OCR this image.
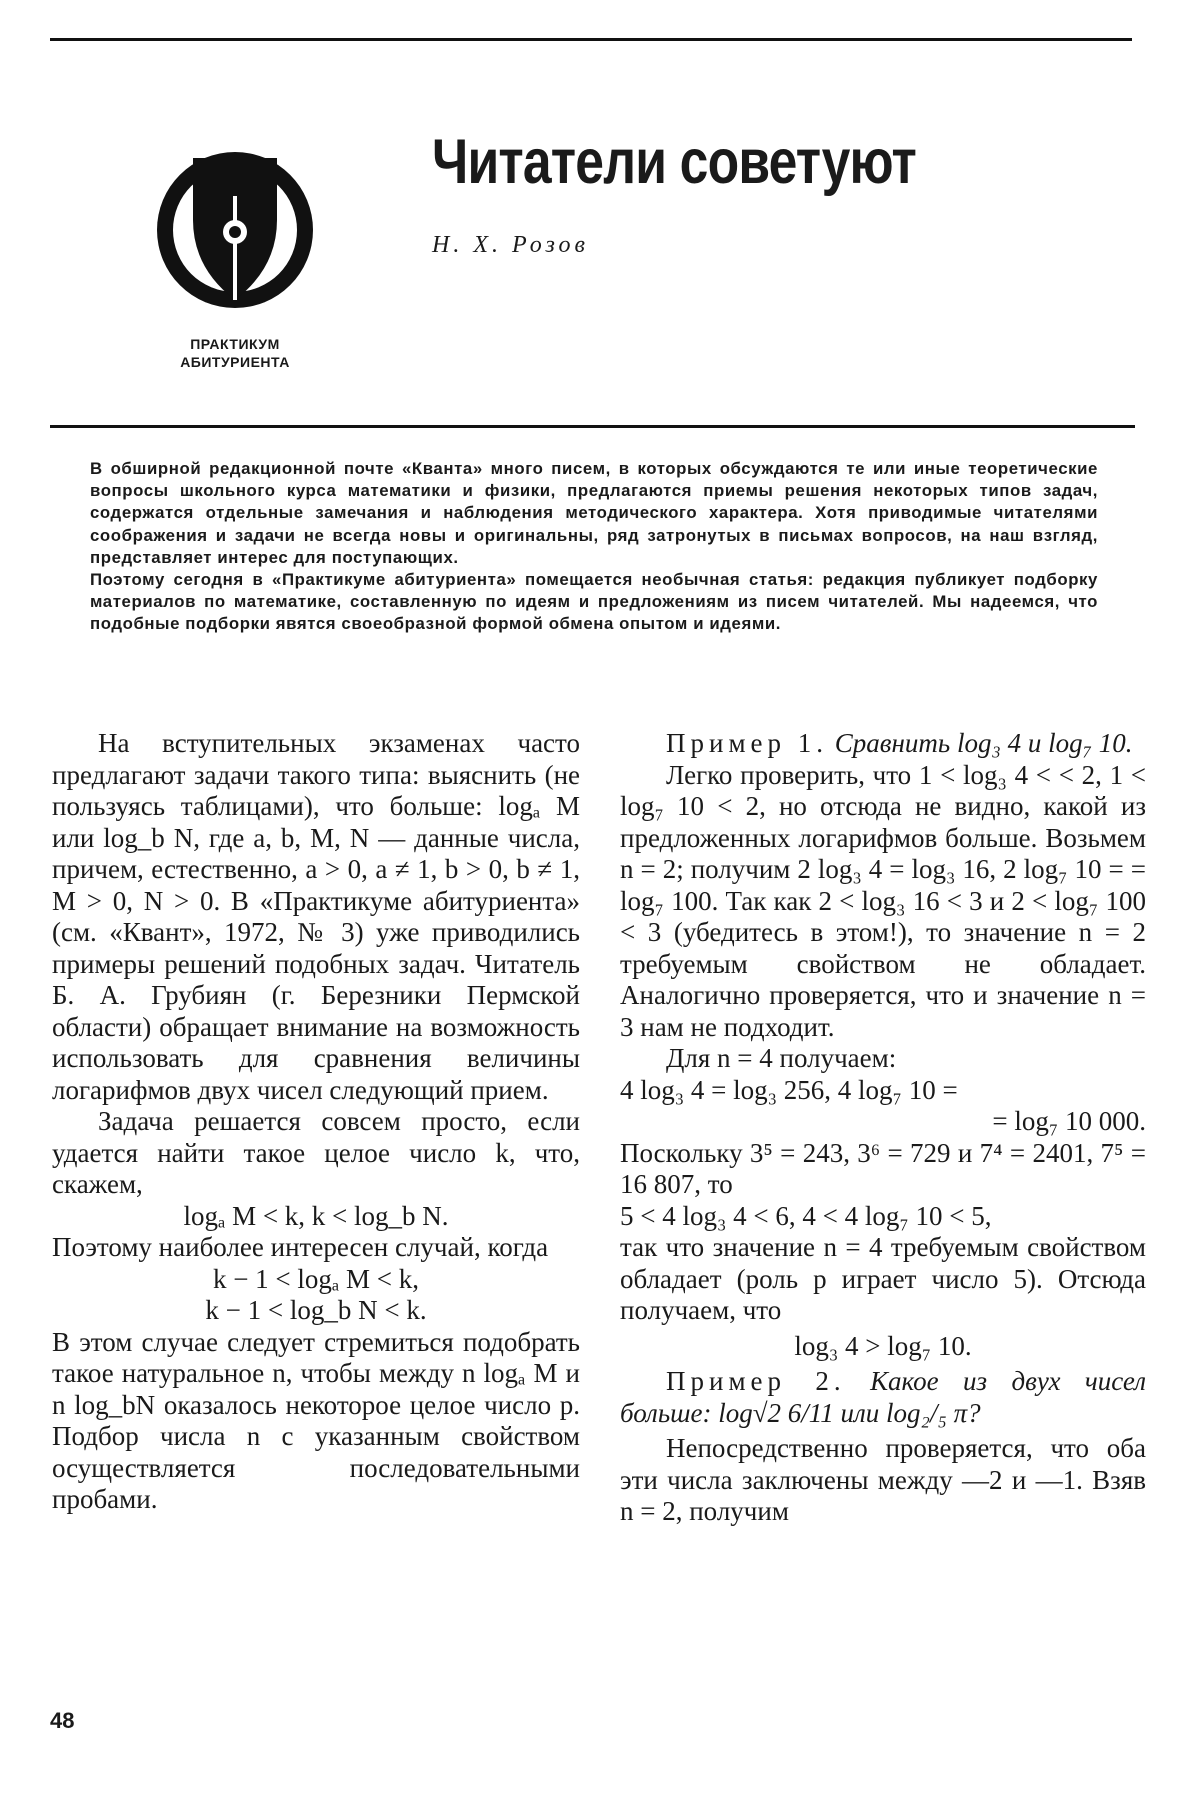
ПРАКТИКУМ
АБИТУРИЕНТА
Читатели советуют
Н. Х. Розов

В обширной редакционной почте «Кванта» много писем, в которых обсуждаются те или иные теоретические вопросы школьного курса математики и физики, предлагаются приемы решения некоторых типов задач, содержатся отдельные замечания и наблюдения методического характера. Хотя приводимые читателями соображения и задачи не всегда новы и оригинальны, ряд затронутых в письмах вопросов, на наш взгляд, представляет интерес для поступающих.

Поэтому сегодня в «Практикуме абитуриента» помещается необычная статья: редакция публикует подборку материалов по математике, составленную по идеям и предложениям из писем читателей. Мы надеемся, что подобные подборки явятся своеобразной формой обмена опытом и идеями.

На вступительных экзаменах часто предлагают задачи такого типа: выяснить (не пользуясь таблицами), что больше: logₐ M или log_b N, где a, b, M, N — данные числа, причем, естественно, a > 0, a ≠ 1, b > 0, b ≠ 1, M > 0, N > 0. В «Практикуме абитуриента» (см. «Квант», 1972, № 3) уже приводились примеры решений подобных задач. Читатель Б. А. Грубиян (г. Березники Пермской области) обращает внимание на возможность использовать для сравнения величины логарифмов двух чисел следующий прием.

Задача решается совсем просто, если удается найти такое целое число k, что, скажем,

logₐ M < k, k < log_b N.

Поэтому наиболее интересен случай, когда

k − 1 < logₐ M < k,

k − 1 < log_b N < k.

В этом случае следует стремиться подобрать такое натуральное n, чтобы между n logₐ M и n log_bN оказалось некоторое целое число p. Подбор числа n с указанным свойством осуществляется последовательными пробами.

Пример 1. Сравнить log₃ 4 и log₇ 10.

Легко проверить, что 1 < log₃ 4 < < 2, 1 < log₇ 10 < 2, но отсюда не видно, какой из предложенных логарифмов больше. Возьмем n = 2; получим 2 log₃ 4 = log₃ 16, 2 log₇ 10 = = log₇ 100. Так как 2 < log₃ 16 < 3 и 2 < log₇ 100 < 3 (убедитесь в этом!), то значение n = 2 требуемым свойством не обладает. Аналогично проверяется, что и значение n = 3 нам не подходит.

Для n = 4 получаем:

4 log₃ 4 = log₃ 256, 4 log₇ 10 =

= log₇ 10 000.

Поскольку 3⁵ = 243, 3⁶ = 729 и 7⁴ = 2401, 7⁵ = 16 807, то

5 < 4 log₃ 4 < 6, 4 < 4 log₇ 10 < 5,

так что значение n = 4 требуемым свойством обладает (роль p играет число 5). Отсюда получаем, что

log₃ 4 > log₇ 10.

Пример 2. Какое из двух чисел больше: log√2 6/11 или log₂/₅ π?

Непосредственно проверяется, что оба эти числа заключены между —2 и —1. Взяв n = 2, получим

48
